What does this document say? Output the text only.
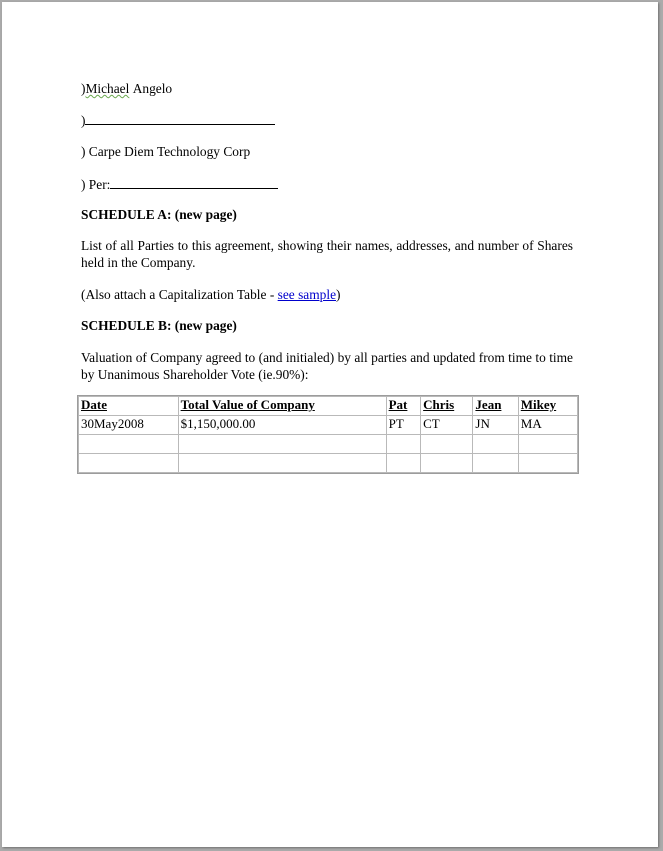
)Michael Angelo
)
) Carpe Diem Technology Corp
) Per:
SCHEDULE A: (new page)
List of all Parties to this agreement, showing their names, addresses, and number of Shares held in the Company.
(Also attach a Capitalization Table - see sample)
SCHEDULE B: (new page)
Valuation of Company agreed to (and initialed) by all parties and updated from time to time by Unanimous Shareholder Vote (ie.90%):
Date	Total Value of Company	Pat	Chris	Jean	Mikey
30May2008	$1,150,000.00	PT	CT	JN	MA
